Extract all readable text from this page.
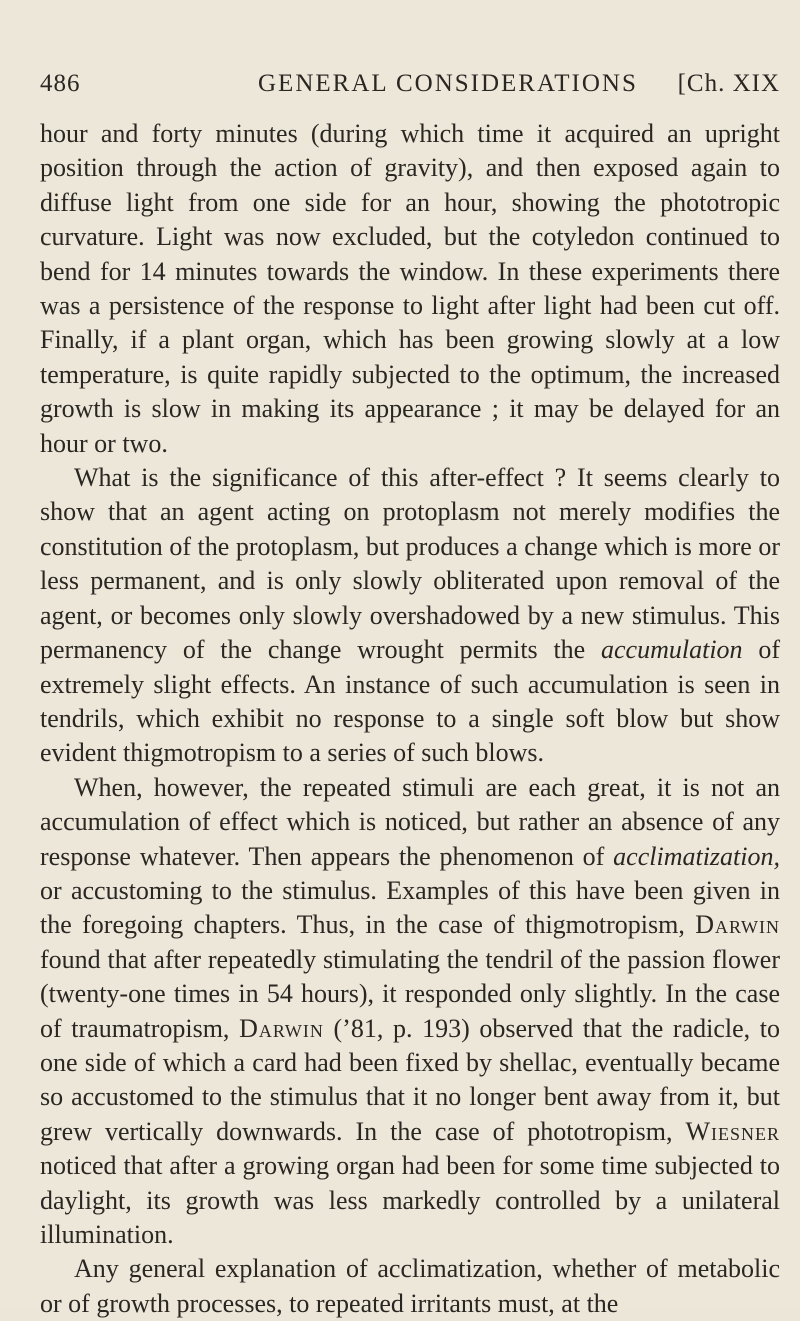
486	GENERAL CONSIDERATIONS [Ch. XIX

hour and forty minutes (during which time it acquired an upright position through the action of gravity), and then exposed again to diffuse light from one side for an hour, showing the phototropic curvature. Light was now excluded, but the cotyledon continued to bend for 14 minutes towards the window. In these experiments there was a persistence of the response to light after light had been cut off. Finally, if a plant organ, which has been growing slowly at a low temperature, is quite rapidly subjected to the optimum, the increased growth is slow in making its appearance ; it may be delayed for an hour or two.

What is the significance of this after-effect ? It seems clearly to show that an agent acting on protoplasm not merely modifies the constitution of the protoplasm, but produces a change which is more or less permanent, and is only slowly obliterated upon removal of the agent, or becomes only slowly overshadowed by a new stimulus. This permanency of the change wrought permits the accumulation of extremely slight effects. An instance of such accumulation is seen in tendrils, which exhibit no response to a single soft blow but show evident thigmotropism to a series of such blows.

When, however, the repeated stimuli are each great, it is not an accumulation of effect which is noticed, but rather an absence of any response whatever. Then appears the phenomenon of acclimatization, or accustoming to the stimulus. Examples of this have been given in the foregoing chapters. Thus, in the case of thigmotropism, Darwin found that after repeatedly stimulating the tendril of the passion flower (twenty-one times in 54 hours), it responded only slightly. In the case of traumatropism, Darwin (’81, p. 193) observed that the radicle, to one side of which a card had been fixed by shellac, eventually became so accustomed to the stimulus that it no longer bent away from it, but grew vertically downwards. In the case of phototropism, Wiesner noticed that after a growing organ had been for some time subjected to daylight, its growth was less markedly controlled by a unilateral illumination.

Any general explanation of acclimatization, whether of metabolic or of growth processes, to repeated irritants must, at the
